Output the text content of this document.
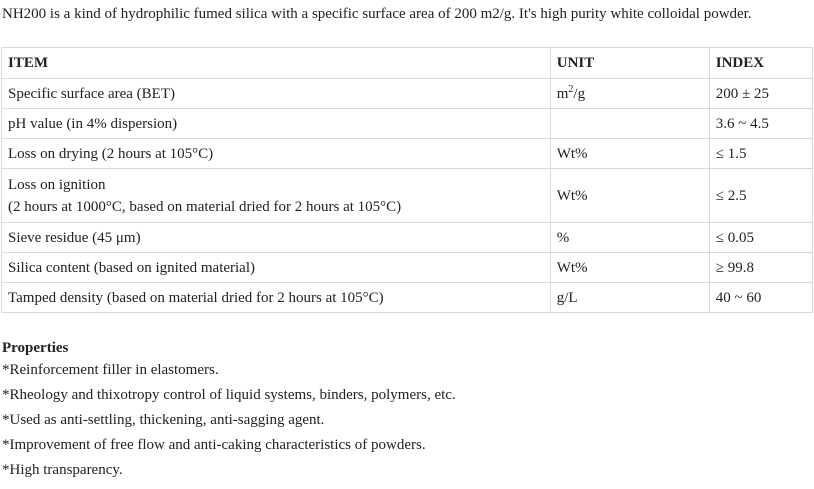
NH200 is a kind of hydrophilic fumed silica with a specific surface area of 200 m2/g. It's high purity white colloidal powder.

ITEM	UNIT	INDEX
Specific surface area (BET)	$m^2/g$	200 ± 25
pH value (in 4% dispersion)		3.6 ~ 4.5
Loss on drying (2 hours at 105°C)	Wt%	≤ 1.5

Loss on ignition
(2 hours at 1000°C, based on material dried for 2 hours at 105°C)	Wt%	≤ 2.5
Sieve residue (45 μm)	%	≤ 0.05
Silica content (based on ignited material)	Wt%	≥ 99.8
Tamped density (based on material dried for 2 hours at 105°C)	g/L	40 ~ 60

Properties

*Reinforcement filler in elastomers.
*Rheology and thixotropy control of liquid systems, binders, polymers, etc.
*Used as anti-settling, thickening, anti-sagging agent.
*Improvement of free flow and anti-caking characteristics of powders.
*High transparency.
